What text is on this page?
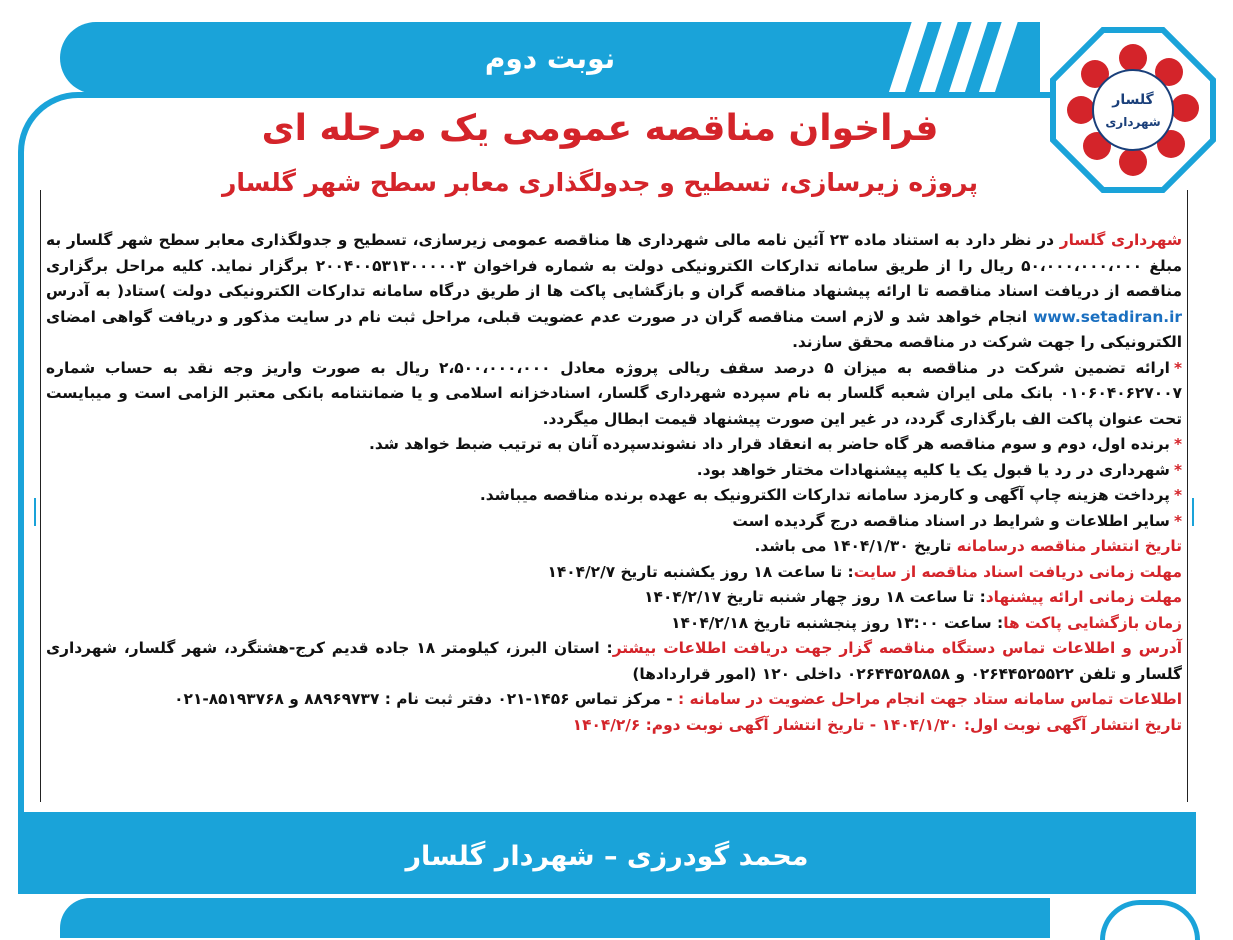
نوبت دوم
گلسار
شهرداری
فراخوان مناقصه عمومی یک مرحله ای
پروژه زیرسازی، تسطیح و جدولگذاری معابر سطح شهر گلسار

شهرداری گلسار در نظر دارد به استناد ماده ۲۳ آئین نامه مالی شهرداری ها مناقصه عمومی زیرسازی، تسطیح و جدولگذاری معابر سطح شهر گلسار به مبلغ ۵۰،۰۰۰،۰۰۰،۰۰۰ ریال را از طریق سامانه تدارکات الکترونیکی دولت به شماره فراخوان ۲۰۰۴۰۰۵۳۱۳۰۰۰۰۰۳ برگزار نماید. کلیه مراحل برگزاری مناقصه از دریافت اسناد مناقصه تا ارائه پیشنهاد مناقصه گران و بازگشایی پاکت ها از طریق درگاه سامانه تدارکات الکترونیکی دولت )ستاد( به آدرس www.setadiran.ir انجام خواهد شد و لازم است مناقصه گران در صورت عدم عضویت قبلی، مراحل ثبت نام در سایت مذکور و دریافت گواهی امضای الکترونیکی را جهت شرکت در مناقصه محقق سازند.

*ارائه تضمین شرکت در مناقصه به میزان ۵ درصد سقف ریالی پروژه معادل ۲،۵۰۰،۰۰۰،۰۰۰ ریال به صورت واریز وجه نقد به حساب شماره ۰۱۰۶۰۴۰۶۲۷۰۰۷ بانک ملی ایران شعبه گلسار به نام سپرده شهرداری گلسار، اسنادخزانه اسلامی و یا ضمانتنامه بانکی معتبر الزامی است و میبایست تحت عنوان پاکت الف بارگذاری گردد، در غیر این صورت پیشنهاد قیمت ابطال میگردد.

*برنده اول، دوم و سوم مناقصه هر گاه حاضر به انعقاد قرار داد نشوندسپرده آنان به ترتیب ضبط خواهد شد.

*شهرداری در رد یا قبول یک یا کلیه پیشنهادات مختار خواهد بود.

*پرداخت هزینه چاپ آگهی و کارمزد سامانه تدارکات الکترونیک به عهده برنده مناقصه میباشد.

*سایر اطلاعات و شرایط در اسناد مناقصه درج گردیده است

تاریخ انتشار مناقصه درسامانه تاریخ ۱۴۰۴/۱/۳۰ می باشد.

مهلت زمانی دریافت اسناد مناقصه از سایت: تا ساعت ۱۸ روز یکشنبه تاریخ ۱۴۰۴/۲/۷

مهلت زمانی ارائه پیشنهاد: تا ساعت ۱۸ روز چهار شنبه تاریخ ۱۴۰۴/۲/۱۷

زمان بازگشایی پاکت ها: ساعت ۱۳:۰۰ روز پنجشنبه تاریخ ۱۴۰۴/۲/۱۸

آدرس و اطلاعات تماس دستگاه مناقصه گزار جهت دریافت اطلاعات بیشتر: استان البرز، کیلومتر ۱۸ جاده قدیم کرج-هشتگرد، شهر گلسار، شهرداری گلسار و تلفن ۰۲۶۴۴۵۲۵۵۲۲ و ۰۲۶۴۴۵۲۵۸۵۸ داخلی ۱۲۰ (امور قراردادها)

اطلاعات تماس سامانه ستاد جهت انجام مراحل عضویت در سامانه : - مرکز تماس ۱۴۵۶-۰۲۱ دفتر ثبت نام : ۸۸۹۶۹۷۳۷ و ۸۵۱۹۳۷۶۸-۰۲۱

تاریخ انتشار آگهی نوبت اول: ۱۴۰۴/۱/۳۰ - تاریخ انتشار آگهی نوبت دوم: ۱۴۰۴/۲/۶

محمد گودرزی – شهردار گلسار
